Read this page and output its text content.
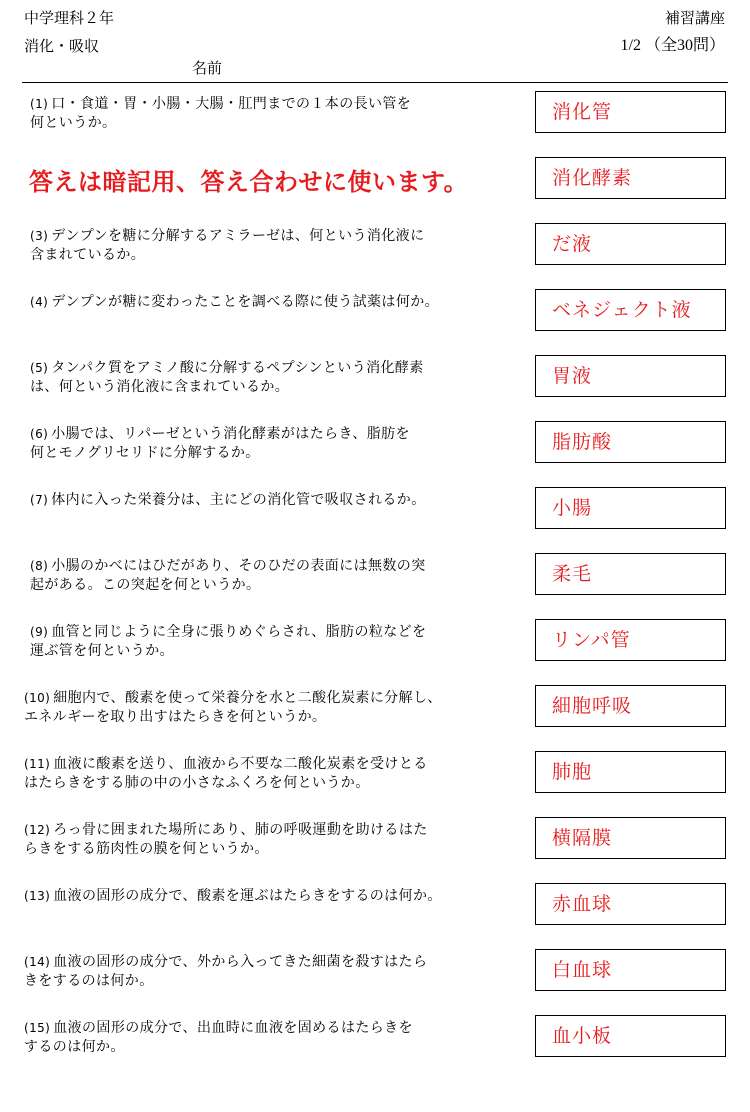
中学理科２年
消化・吸収
名前
補習講座
1/2 （全30問）
(1) 口・食道・胃・小腸・大腸・肛門までの１本の長い管を
何というか。	消化管
答えは暗記用、答え合わせに使います。	消化酵素
(3) デンプンを糖に分解するアミラーゼは、何という消化液に
含まれているか。	だ液
(4) デンプンが糖に変わったことを調べる際に使う試薬は何か。	ベネジェクト液
(5) タンパク質をアミノ酸に分解するペプシンという消化酵素
は、何という消化液に含まれているか。	胃液
(6) 小腸では、リパーゼという消化酵素がはたらき、脂肪を
何とモノグリセリドに分解するか。	脂肪酸
(7) 体内に入った栄養分は、主にどの消化管で吸収されるか。	小腸
(8) 小腸のかべにはひだがあり、そのひだの表面には無数の突
起がある。この突起を何というか。	柔毛
(9) 血管と同じように全身に張りめぐらされ、脂肪の粒などを
運ぶ管を何というか。	リンパ管
(10) 細胞内で、酸素を使って栄養分を水と二酸化炭素に分解し、
エネルギーを取り出すはたらきを何というか。	細胞呼吸
(11) 血液に酸素を送り、血液から不要な二酸化炭素を受けとる
はたらきをする肺の中の小さなふくろを何というか。	肺胞
(12) ろっ骨に囲まれた場所にあり、肺の呼吸運動を助けるはた
らきをする筋肉性の膜を何というか。	横隔膜
(13) 血液の固形の成分で、酸素を運ぶはたらきをするのは何か。	赤血球
(14) 血液の固形の成分で、外から入ってきた細菌を殺すはたら
きをするのは何か。	白血球
(15) 血液の固形の成分で、出血時に血液を固めるはたらきを
するのは何か。	血小板
